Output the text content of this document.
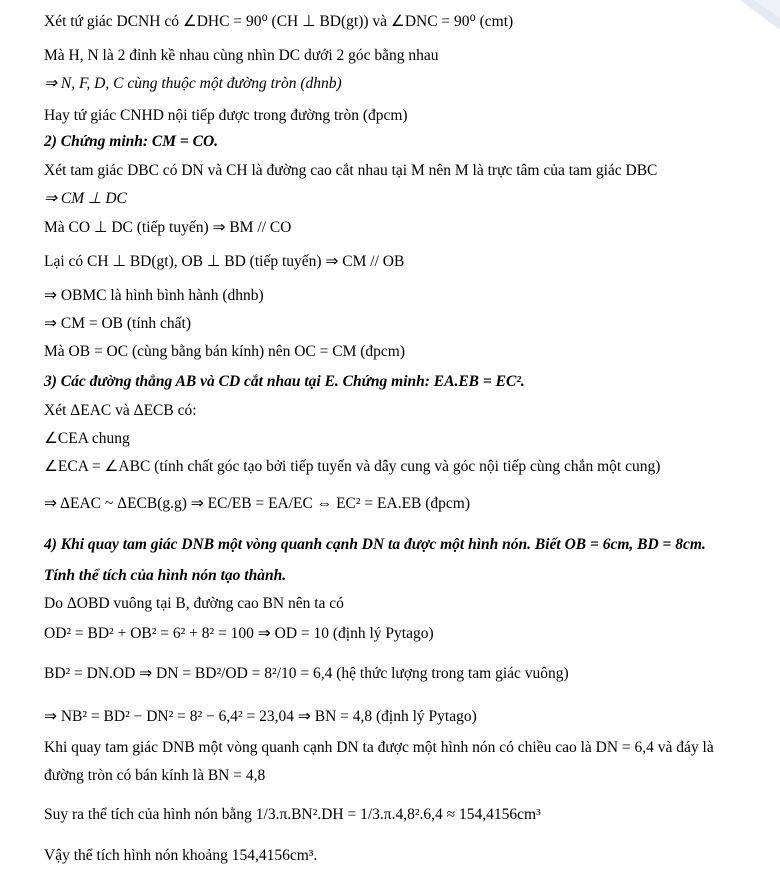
Xét tứ giác DCNH có ∠DHC = 90⁰ (CH ⊥ BD(gt)) và ∠DNC = 90⁰ (cmt)
Mà H, N là 2 đỉnh kề nhau cùng nhìn DC dưới 2 góc bằng nhau
⇒ N, F, D, C cùng thuộc một đường tròn (dhnb)
Hay tứ giác CNHD nội tiếp được trong đường tròn (đpcm)
2) Chứng minh: CM = CO.
Xét tam giác DBC có DN và CH là đường cao cắt nhau tại M nên M là trực tâm của tam giác DBC
⇒ CM ⊥ DC
Mà CO ⊥ DC (tiếp tuyến) ⇒ BM // CO
Lại có CH ⊥ BD(gt), OB ⊥ BD (tiếp tuyến) ⇒ CM // OB
⇒ OBMC là hình bình hành (dhnb)
⇒ CM = OB (tính chất)
Mà OB = OC (cùng bằng bán kính) nên OC = CM (đpcm)
3) Các đường thẳng AB và CD cắt nhau tại E. Chứng minh: EA.EB = EC².
Xét ΔEAC và ΔECB có:
∠CEA chung
∠ECA = ∠ABC (tính chất góc tạo bởi tiếp tuyến và dây cung và góc nội tiếp cùng chắn một cung)
⇒ ΔEAC ~ ΔECB(g.g) ⇒ EC/EB = EA/EC ⇔ EC² = EA.EB (đpcm)
4) Khi quay tam giác DNB một vòng quanh cạnh DN ta được một hình nón. Biết OB = 6cm, BD = 8cm.
Tính thể tích của hình nón tạo thành.
Do ΔOBD vuông tại B, đường cao BN nên ta có
OD² = BD² + OB² = 6² + 8² = 100 ⇒ OD = 10 (định lý Pytago)
BD² = DN.OD ⇒ DN = BD²/OD = 8²/10 = 6,4 (hệ thức lượng trong tam giác vuông)
⇒ NB² = BD² − DN² = 8² − 6,4² = 23,04 ⇒ BN = 4,8 (định lý Pytago)
Khi quay tam giác DNB một vòng quanh cạnh DN ta được một hình nón có chiều cao là DN = 6,4 và đáy là
đường tròn có bán kính là BN = 4,8
Suy ra thể tích của hình nón bằng 1/3.π.BN².DH = 1/3.π.4,8².6,4 ≈ 154,4156cm³
Vậy thể tích hình nón khoảng 154,4156cm³.
